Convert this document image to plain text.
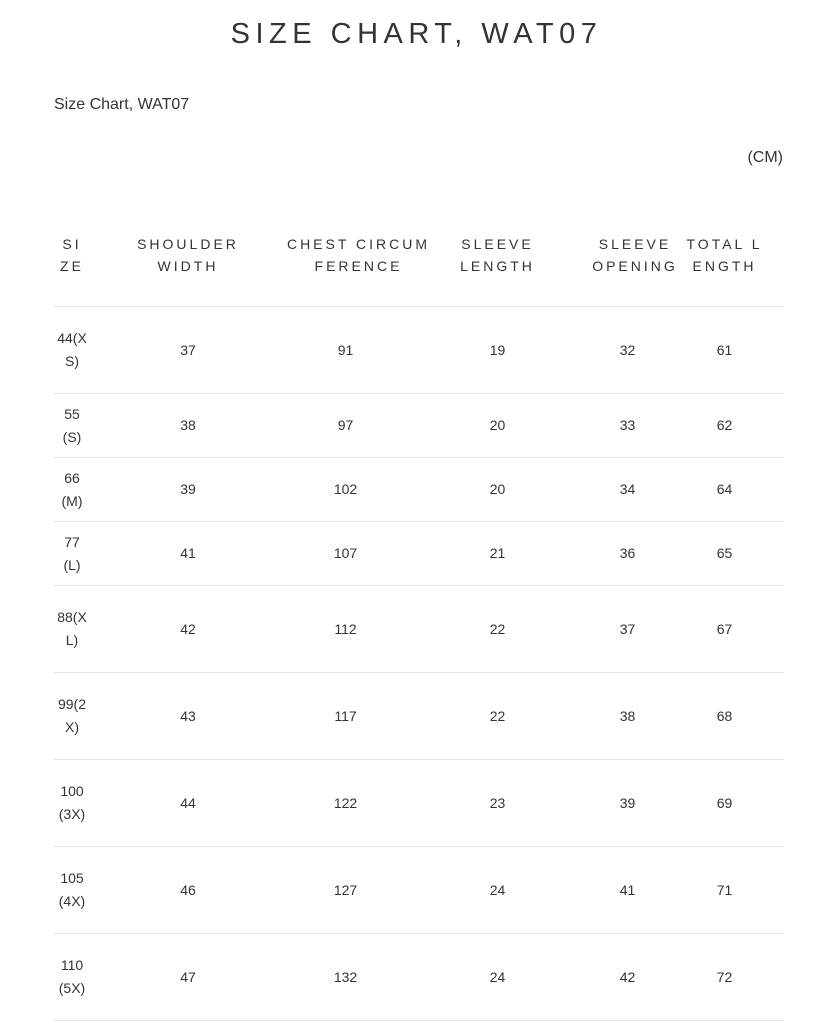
SIZE CHART, WAT07
Size Chart, WAT07
(CM)
SIZE	SHOULDER WIDTH	CHEST CIRCUMFERENCE	SLEEVE LENGTH	SLEEVE OPENING	TOTAL LENGTH
44(XS)	37	91	19	32	61
55(S)	38	97	20	33	62
66(M)	39	102	20	34	64
77(L)	41	107	21	36	65
88(XL)	42	112	22	37	67
99(2X)	43	117	22	38	68
100(3X)	44	122	23	39	69
105(4X)	46	127	24	41	71
110(5X)	47	132	24	42	72
